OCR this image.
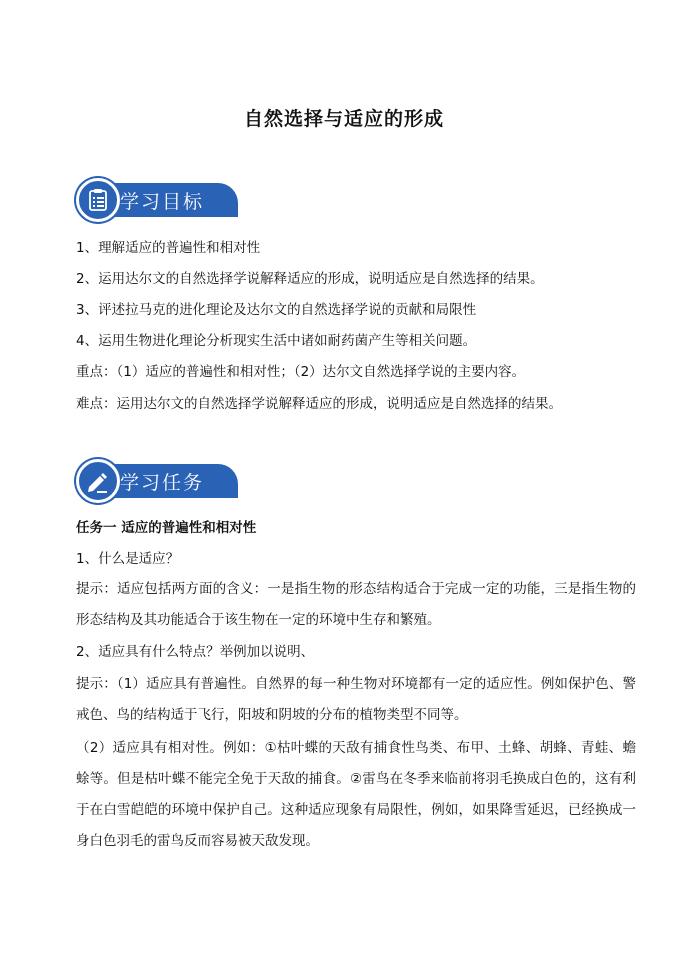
自然选择与适应的形成
学习目标
1、理解适应的普遍性和相对性
2、运用达尔文的自然选择学说解释适应的形成，说明适应是自然选择的结果。
3、评述拉马克的进化理论及达尔文的自然选择学说的贡献和局限性
4、运用生物进化理论分析现实生活中诸如耐药菌产生等相关问题。
重点：（1）适应的普遍性和相对性；（2）达尔文自然选择学说的主要内容。
难点：运用达尔文的自然选择学说解释适应的形成，说明适应是自然选择的结果。
学习任务
任务一 适应的普遍性和相对性
1、什么是适应？
提示：适应包括两方面的含义：一是指生物的形态结构适合于完成一定的功能，三是指生物的形态结构及其功能适合于该生物在一定的环境中生存和繁殖。
2、适应具有什么特点？举例加以说明、
提示：（1）适应具有普遍性。自然界的每一种生物对环境都有一定的适应性。例如保护色、警戒色、鸟的结构适于飞行，阳坡和阴坡的分布的植物类型不同等。
（2）适应具有相对性。例如：①枯叶蝶的天敌有捕食性鸟类、布甲、土蜂、胡蜂、青蛙、蟾蜍等。但是枯叶蝶不能完全免于天敌的捕食。②雷鸟在冬季来临前将羽毛换成白色的，这有利于在白雪皑皑的环境中保护自己。这种适应现象有局限性，例如，如果降雪延迟，已经换成一身白色羽毛的雷鸟反而容易被天敌发现。
